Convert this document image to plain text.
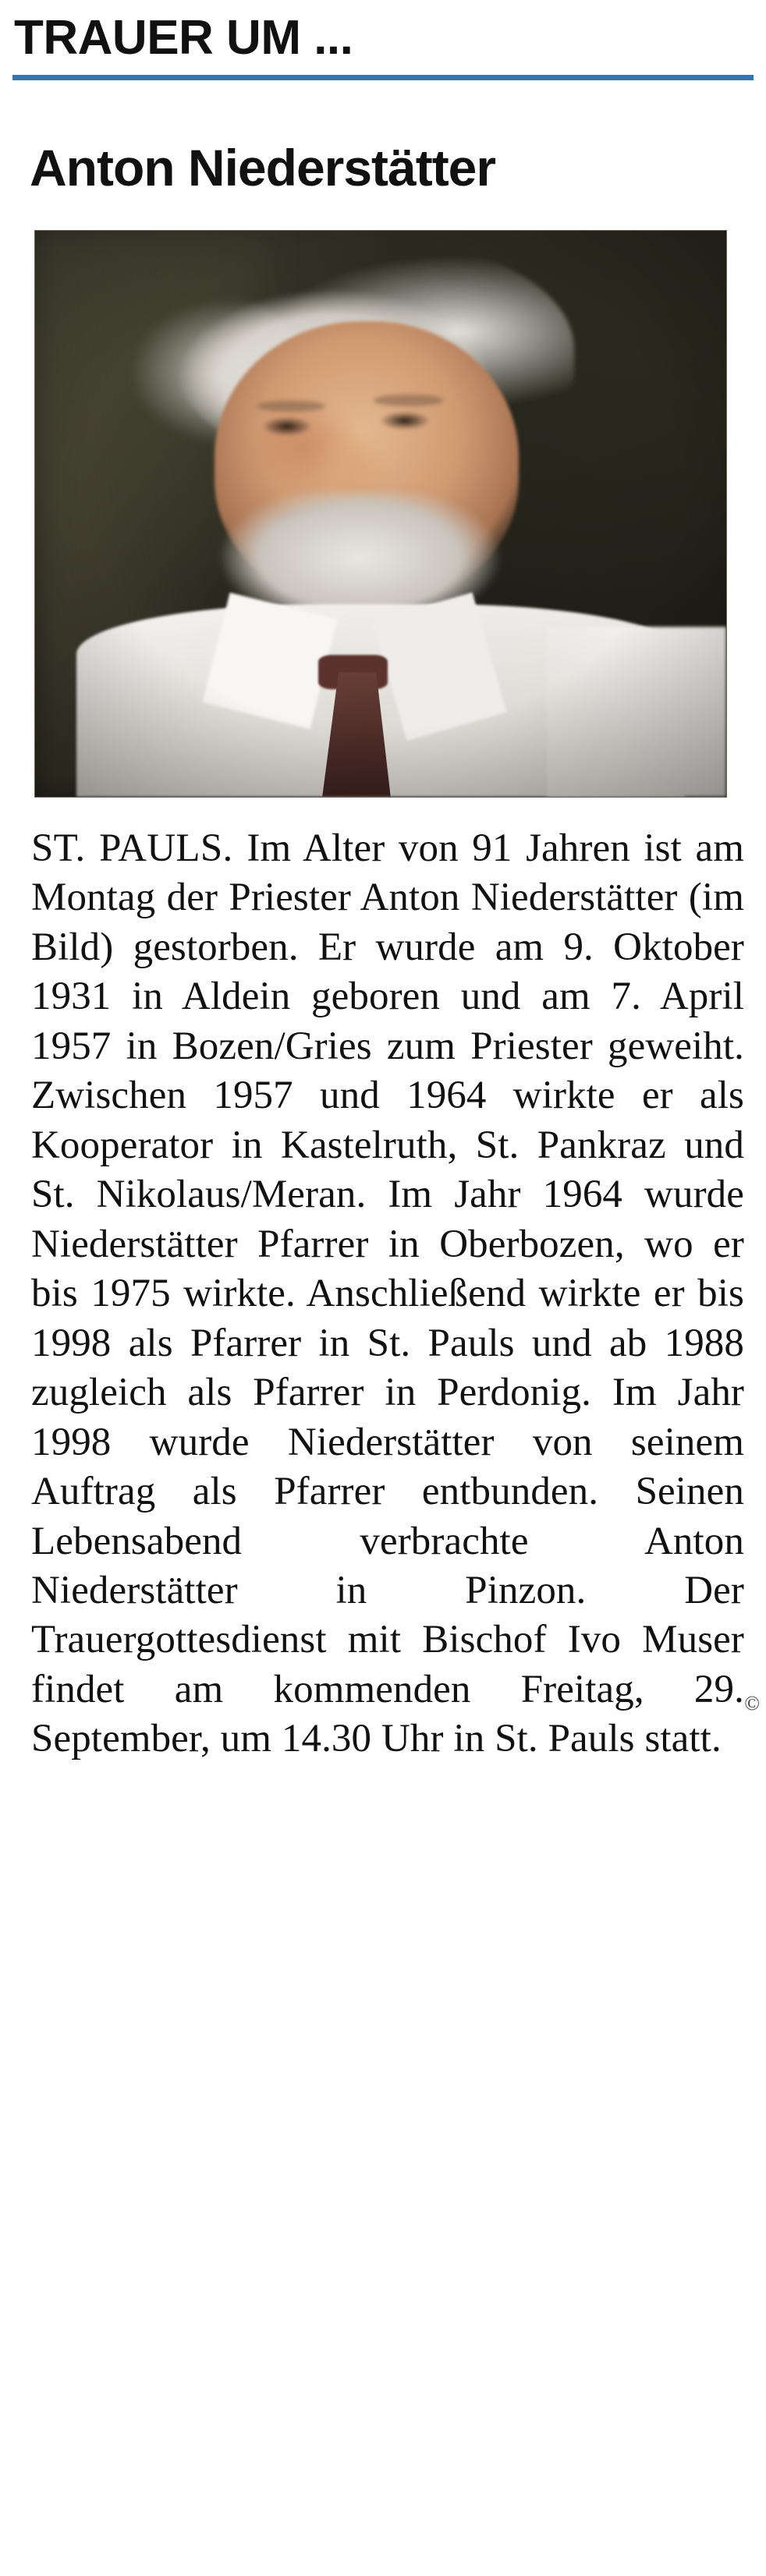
TRAUER UM ...
Anton Niederstätter
ST. PAULS. Im Alter von 91 Jahren ist am Montag der Priester Anton Niederstätter (im Bild) gestorben. Er wurde am 9. Oktober 1931 in Aldein geboren und am 7. April 1957 in Bozen/Gries zum Priester geweiht. Zwischen 1957 und 1964 wirkte er als Kooperator in Kastelruth, St. Pankraz und St. Nikolaus/Meran. Im Jahr 1964 wurde Niederstätter Pfarrer in Oberbozen, wo er bis 1975 wirkte. Anschließend wirkte er bis 1998 als Pfarrer in St. Pauls und ab 1988 zugleich als Pfarrer in Perdonig. Im Jahr 1998 wurde Niederstätter von seinem Auftrag als Pfarrer entbunden. Seinen Lebensabend verbrachte Anton Niederstätter in Pinzon. Der Trauergottesdienst mit Bischof Ivo Muser findet am kommenden Freitag, 29. September, um 14.30 Uhr in St. Pauls statt.
©
